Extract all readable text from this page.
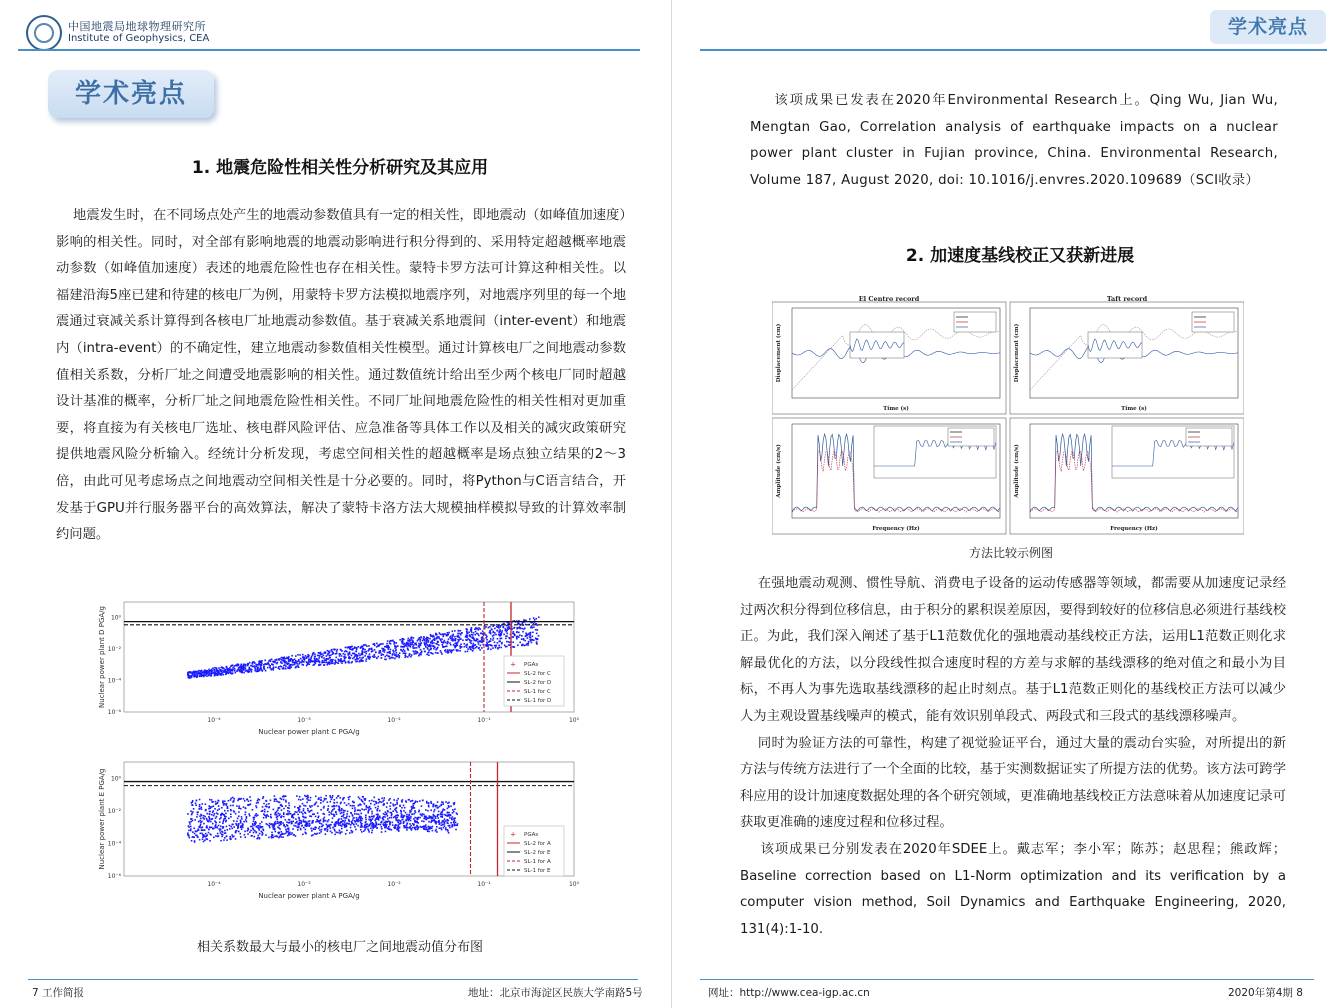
中国地震局地球物理研究所
Institute of Geophysics, CEA
学术亮点
学术亮点
1. 地震危险性相关性分析研究及其应用

地震发生时，在不同场点处产生的地震动参数值具有一定的相关性，即地震动（如峰值加速度）影响的相关性。同时，对全部有影响地震的地震动影响进行积分得到的、采用特定超越概率地震动参数（如峰值加速度）表述的地震危险性也存在相关性。蒙特卡罗方法可计算这种相关性。以福建沿海5座已建和待建的核电厂为例，用蒙特卡罗方法模拟地震序列，对地震序列里的每一个地震通过衰减关系计算得到各核电厂址地震动参数值。基于衰减关系地震间（inter-event）和地震内（intra-event）的不确定性，建立地震动参数值相关性模型。通过计算核电厂之间地震动参数值相关系数，分析厂址之间遭受地震影响的相关性。通过数值统计给出至少两个核电厂同时超越设计基准的概率，分析厂址之间地震危险性相关性。不同厂址间地震危险性的相关性相对更加重要，将直接为有关核电厂选址、核电群风险评估、应急准备等具体工作以及相关的减灾政策研究提供地震风险分析输入。经统计分析发现，考虑空间相关性的超越概率是场点独立结果的2～3倍，由此可见考虑场点之间地震动空间相关性是十分必要的。同时，将Python与C语言结合，开发基于GPU并行服务器平台的高效算法，解决了蒙特卡洛方法大规模抽样模拟导致的计算效率制约问题。

10⁻⁴	10⁻³	10⁻²	10⁻¹	10⁰
10⁰
10⁻²
10⁻⁴
10⁻⁶
Nuclear power plant C PGA/g
Nuclear power plant D PGA/g	+ PGAs
SL-2 for C
SL-2 for D
SL-1 for C
SL-1 for D
10⁻⁴	10⁻³	10⁻²	10⁻¹	10⁰
10⁰
10⁻²
10⁻⁴
10⁻⁶
Nuclear power plant A PGA/g
Nuclear power plant E PGA/g	+ PGAs
SL-2 for A
SL-2 for E
SL-1 for A
SL-1 for E
相关系数最大与最小的核电厂之间地震动值分布图

该项成果已发表在2020年Environmental Research上。Qing Wu, Jian Wu, Mengtan Gao, Correlation analysis of earthquake impacts on a nuclear power plant cluster in Fujian province, China. Environmental Research, Volume 187, August 2020, doi: 10.1016/j.envres.2020.109689（SCI收录）

2. 加速度基线校正又获新进展
El Centro record
Time (s)
Displacement (cm)
Taft record
Time (s)
Displacement (cm)
Frequency (Hz)
Amplitude (cm/s)
Frequency (Hz)
Amplitude (cm/s)
方法比较示例图

在强地震动观测、惯性导航、消费电子设备的运动传感器等领域，都需要从加速度记录经过两次积分得到位移信息，由于积分的累积误差原因，要得到较好的位移信息必须进行基线校正。为此，我们深入阐述了基于L1范数优化的强地震动基线校正方法，运用L1范数正则化求解最优化的方法，以分段线性拟合速度时程的方差与求解的基线漂移的绝对值之和最小为目标，不再人为事先选取基线漂移的起止时刻点。基于L1范数正则化的基线校正方法可以减少人为主观设置基线噪声的模式，能有效识别单段式、两段式和三段式的基线漂移噪声。

同时为验证方法的可靠性，构建了视觉验证平台，通过大量的震动台实验，对所提出的新方法与传统方法进行了一个全面的比较，基于实测数据证实了所提方法的优势。该方法可跨学科应用的设计加速度数据处理的各个研究领域，更准确地基线校正方法意味着从加速度记录可获取更准确的速度过程和位移过程。

该项成果已分别发表在2020年SDEE上。戴志军；李小军；陈苏；赵思程；熊政辉；Baseline correction based on L1-Norm optimization and its verification by a computer vision method, Soil Dynamics and Earthquake Engineering, 2020, 131(4):1-10.

7 工作简报	地址：北京市海淀区民族大学南路5号	网址：http://www.cea-igp.ac.cn	2020年第4期 8
